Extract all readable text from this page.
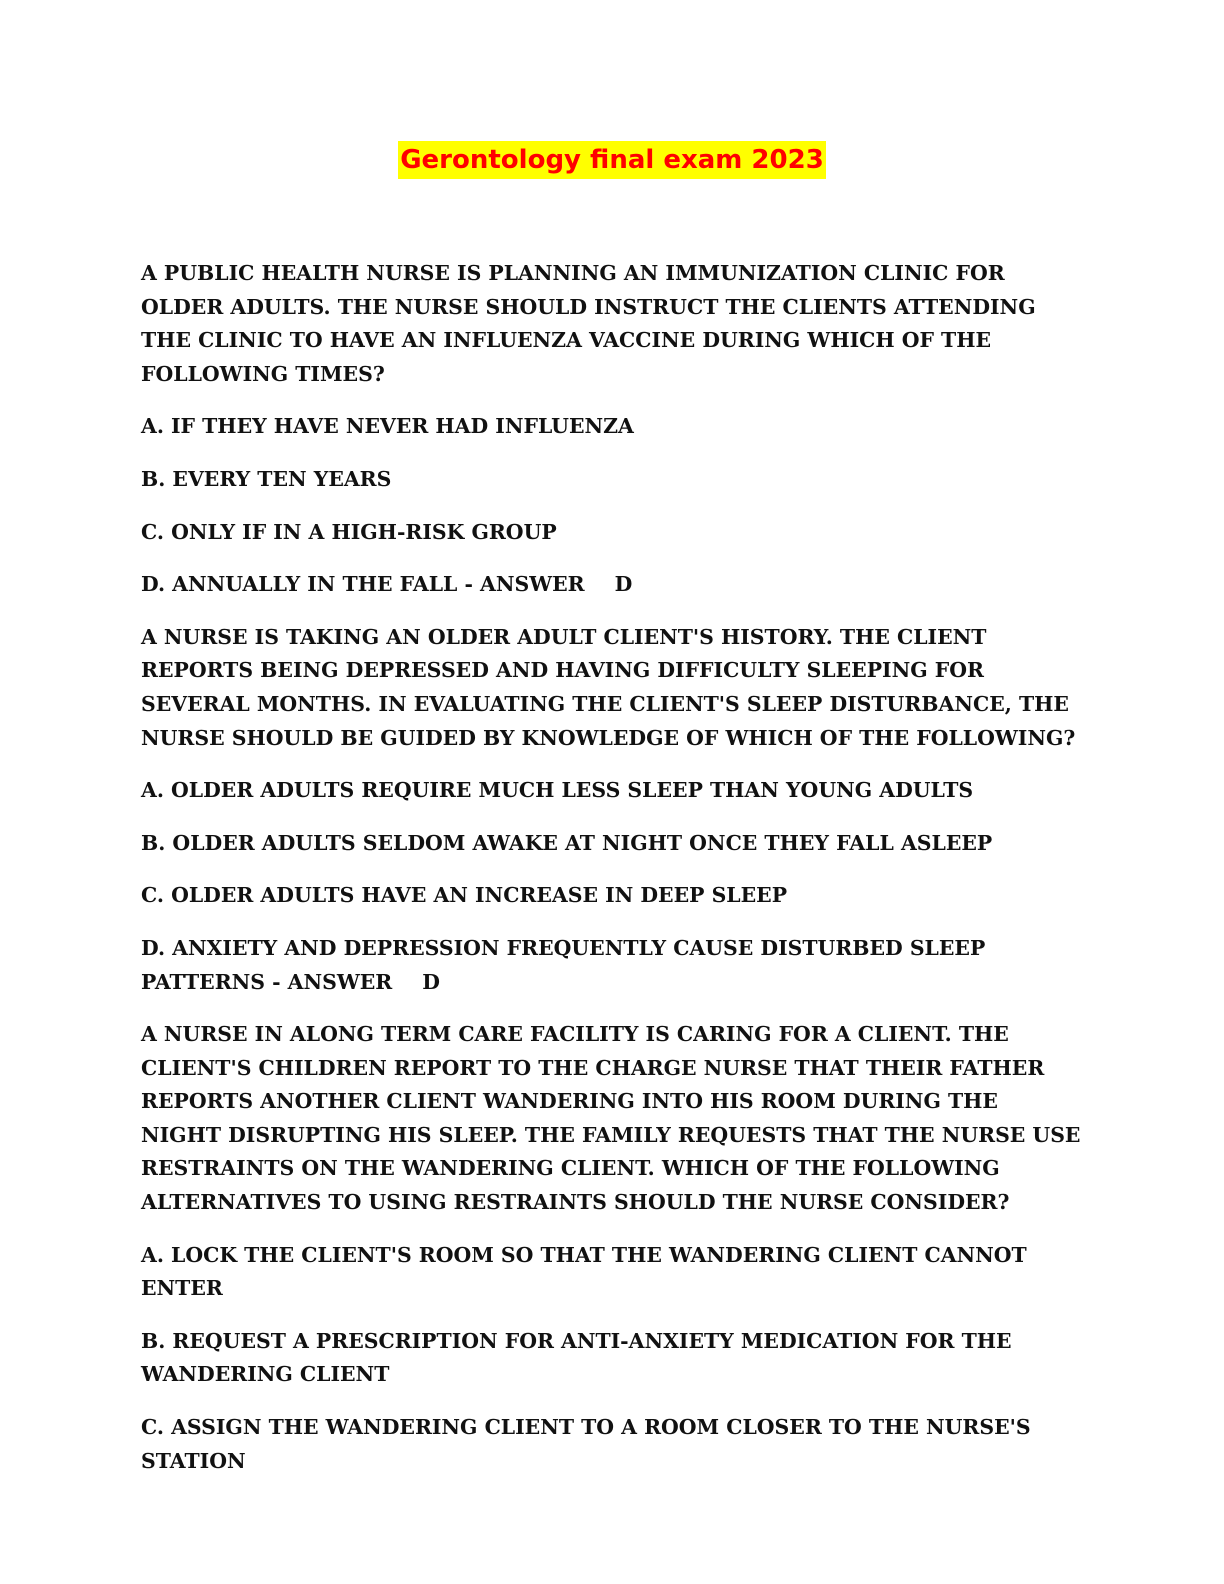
Gerontology final exam 2023

A PUBLIC HEALTH NURSE IS PLANNING AN IMMUNIZATION CLINIC FOR OLDER ADULTS. THE NURSE SHOULD INSTRUCT THE CLIENTS ATTENDING THE CLINIC TO HAVE AN INFLUENZA VACCINE DURING WHICH OF THE FOLLOWING TIMES?

A. IF THEY HAVE NEVER HAD INFLUENZA

B. EVERY TEN YEARS

C. ONLY IF IN A HIGH-RISK GROUP

D. ANNUALLY IN THE FALL - ANSWER D

A NURSE IS TAKING AN OLDER ADULT CLIENT'S HISTORY. THE CLIENT REPORTS BEING DEPRESSED AND HAVING DIFFICULTY SLEEPING FOR SEVERAL MONTHS. IN EVALUATING THE CLIENT'S SLEEP DISTURBANCE, THE NURSE SHOULD BE GUIDED BY KNOWLEDGE OF WHICH OF THE FOLLOWING?

A. OLDER ADULTS REQUIRE MUCH LESS SLEEP THAN YOUNG ADULTS

B. OLDER ADULTS SELDOM AWAKE AT NIGHT ONCE THEY FALL ASLEEP

C. OLDER ADULTS HAVE AN INCREASE IN DEEP SLEEP

D. ANXIETY AND DEPRESSION FREQUENTLY CAUSE DISTURBED SLEEP PATTERNS - ANSWER D

A NURSE IN ALONG TERM CARE FACILITY IS CARING FOR A CLIENT. THE CLIENT'S CHILDREN REPORT TO THE CHARGE NURSE THAT THEIR FATHER REPORTS ANOTHER CLIENT WANDERING INTO HIS ROOM DURING THE NIGHT DISRUPTING HIS SLEEP. THE FAMILY REQUESTS THAT THE NURSE USE RESTRAINTS ON THE WANDERING CLIENT. WHICH OF THE FOLLOWING ALTERNATIVES TO USING RESTRAINTS SHOULD THE NURSE CONSIDER?

A. LOCK THE CLIENT'S ROOM SO THAT THE WANDERING CLIENT CANNOT ENTER

B. REQUEST A PRESCRIPTION FOR ANTI-ANXIETY MEDICATION FOR THE WANDERING CLIENT

C. ASSIGN THE WANDERING CLIENT TO A ROOM CLOSER TO THE NURSE'S STATION
